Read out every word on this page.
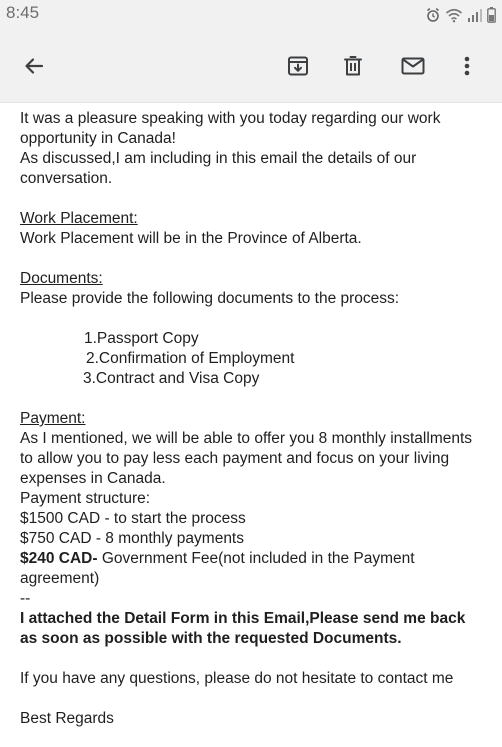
8:45

It was a pleasure speaking with you today regarding our work opportunity in Canada!

As discussed,I am including in this email the details of our conversation.

Work Placement:

Work Placement will be in the Province of Alberta.

Documents:

Please provide the following documents to the process:

1.Passport Copy

2.Confirmation of Employment

3.Contract and Visa Copy

Payment:

As I mentioned, we will be able to offer you 8 monthly installments to allow you to pay less each payment and focus on your living expenses in Canada.

Payment structure:

$1500 CAD - to start the process

$750 CAD - 8 monthly payments

$240 CAD- Government Fee(not included in the Payment agreement)

--

I attached the Detail Form in this Email,Please send me back as soon as possible with the requested Documents.

If you have any questions, please do not hesitate to contact me

Best Regards
